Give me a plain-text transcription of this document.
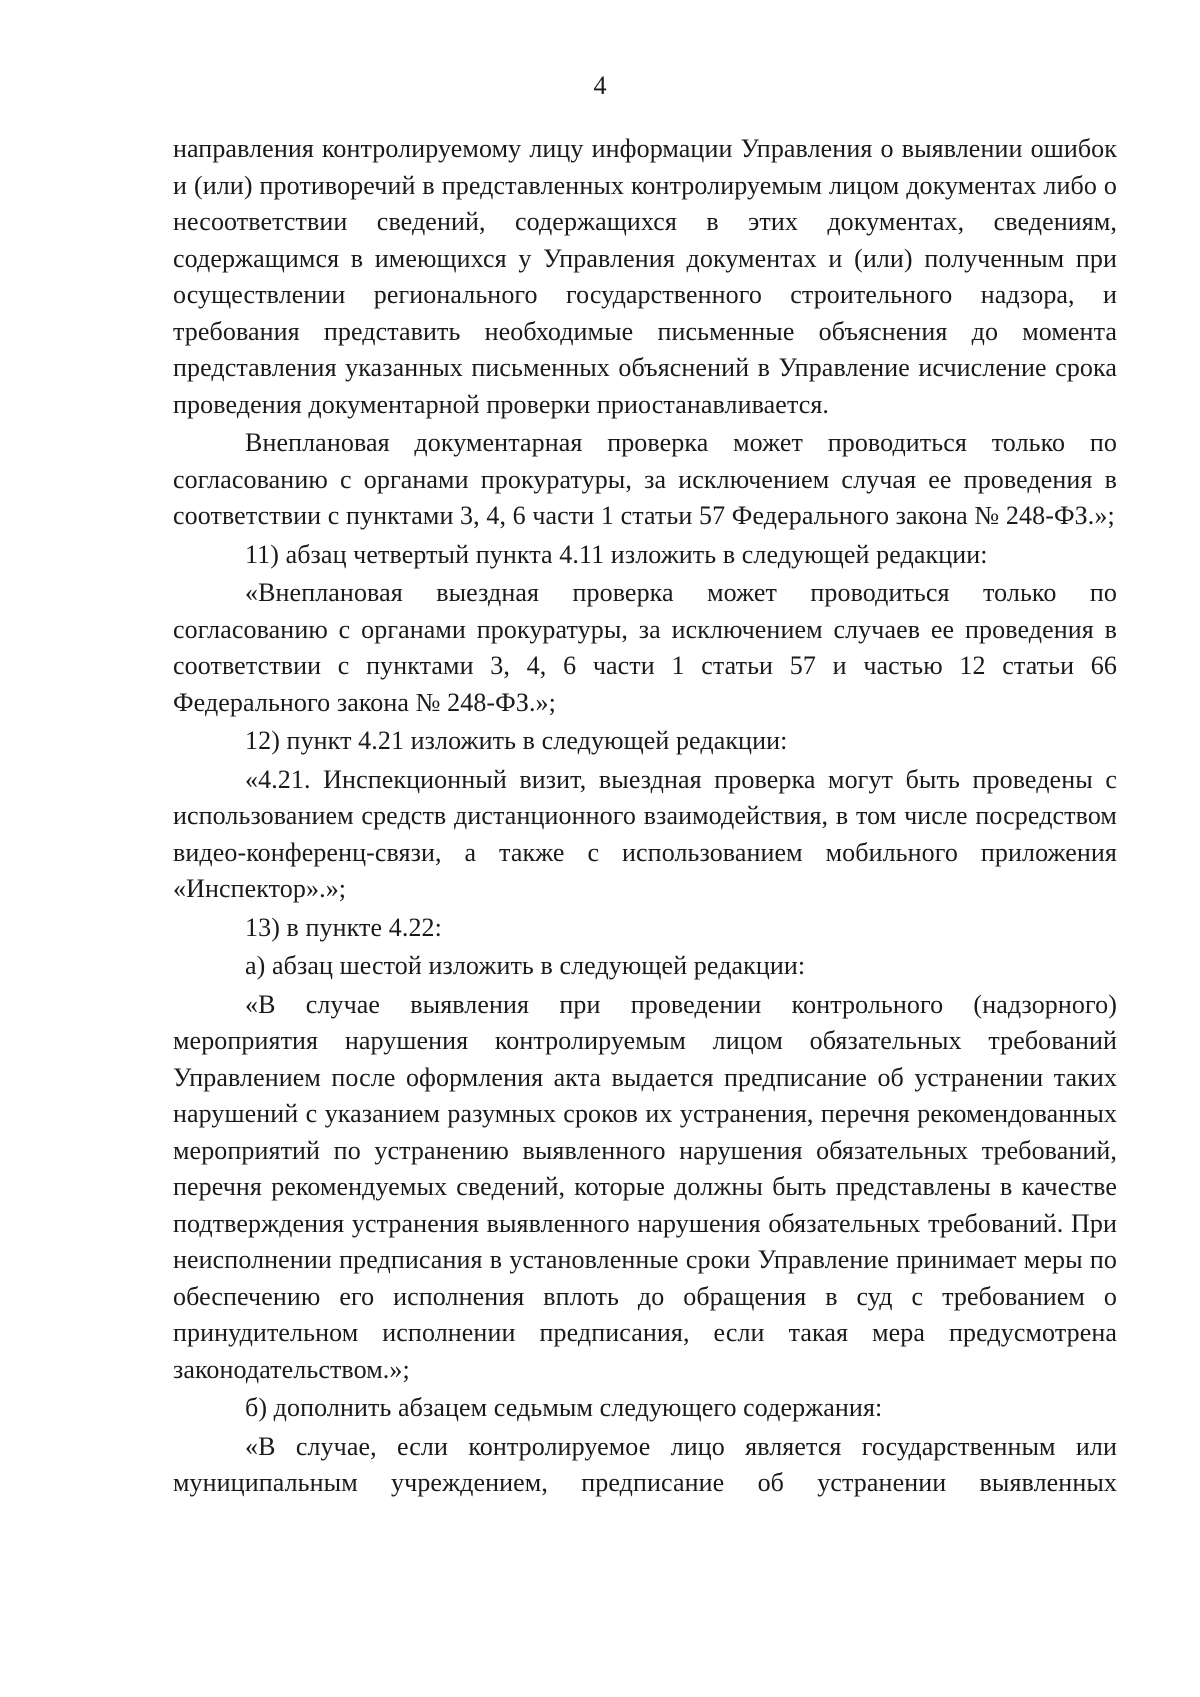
4

направления контролируемому лицу информации Управления о выявлении ошибок и (или) противоречий в представленных контролируемым лицом документах либо о несоответствии сведений, содержащихся в этих документах, сведениям, содержащимся в имеющихся у Управления документах и (или) полученным при осуществлении регионального государственного строительного надзора, и требования представить необходимые письменные объяснения до момента представления указанных письменных объяснений в Управление исчисление срока проведения документарной проверки приостанавливается.

Внеплановая документарная проверка может проводиться только по согласованию с органами прокуратуры, за исключением случая ее проведения в соответствии с пунктами 3, 4, 6 части 1 статьи 57 Федерального закона № 248-ФЗ.»;

11) абзац четвертый пункта 4.11 изложить в следующей редакции:

«Внеплановая выездная проверка может проводиться только по согласованию с органами прокуратуры, за исключением случаев ее проведения в соответствии с пунктами 3, 4, 6 части 1 статьи 57 и частью 12 статьи 66 Федерального закона № 248-ФЗ.»;

12) пункт 4.21 изложить в следующей редакции:

«4.21. Инспекционный визит, выездная проверка могут быть проведены с использованием средств дистанционного взаимодействия, в том числе посредством видео-конференц-связи, а также с использованием мобильного приложения «Инспектор».»;

13) в пункте 4.22:

а) абзац шестой изложить в следующей редакции:

«В случае выявления при проведении контрольного (надзорного) мероприятия нарушения контролируемым лицом обязательных требований Управлением после оформления акта выдается предписание об устранении таких нарушений с указанием разумных сроков их устранения, перечня рекомендованных мероприятий по устранению выявленного нарушения обязательных требований, перечня рекомендуемых сведений, которые должны быть представлены в качестве подтверждения устранения выявленного нарушения обязательных требований. При неисполнении предписания в установленные сроки Управление принимает меры по обеспечению его исполнения вплоть до обращения в суд с требованием о принудительном исполнении предписания, если такая мера предусмотрена законодательством.»;

б) дополнить абзацем седьмым следующего содержания:

«В случае, если контролируемое лицо является государственным или муниципальным учреждением, предписание об устранении выявленных
